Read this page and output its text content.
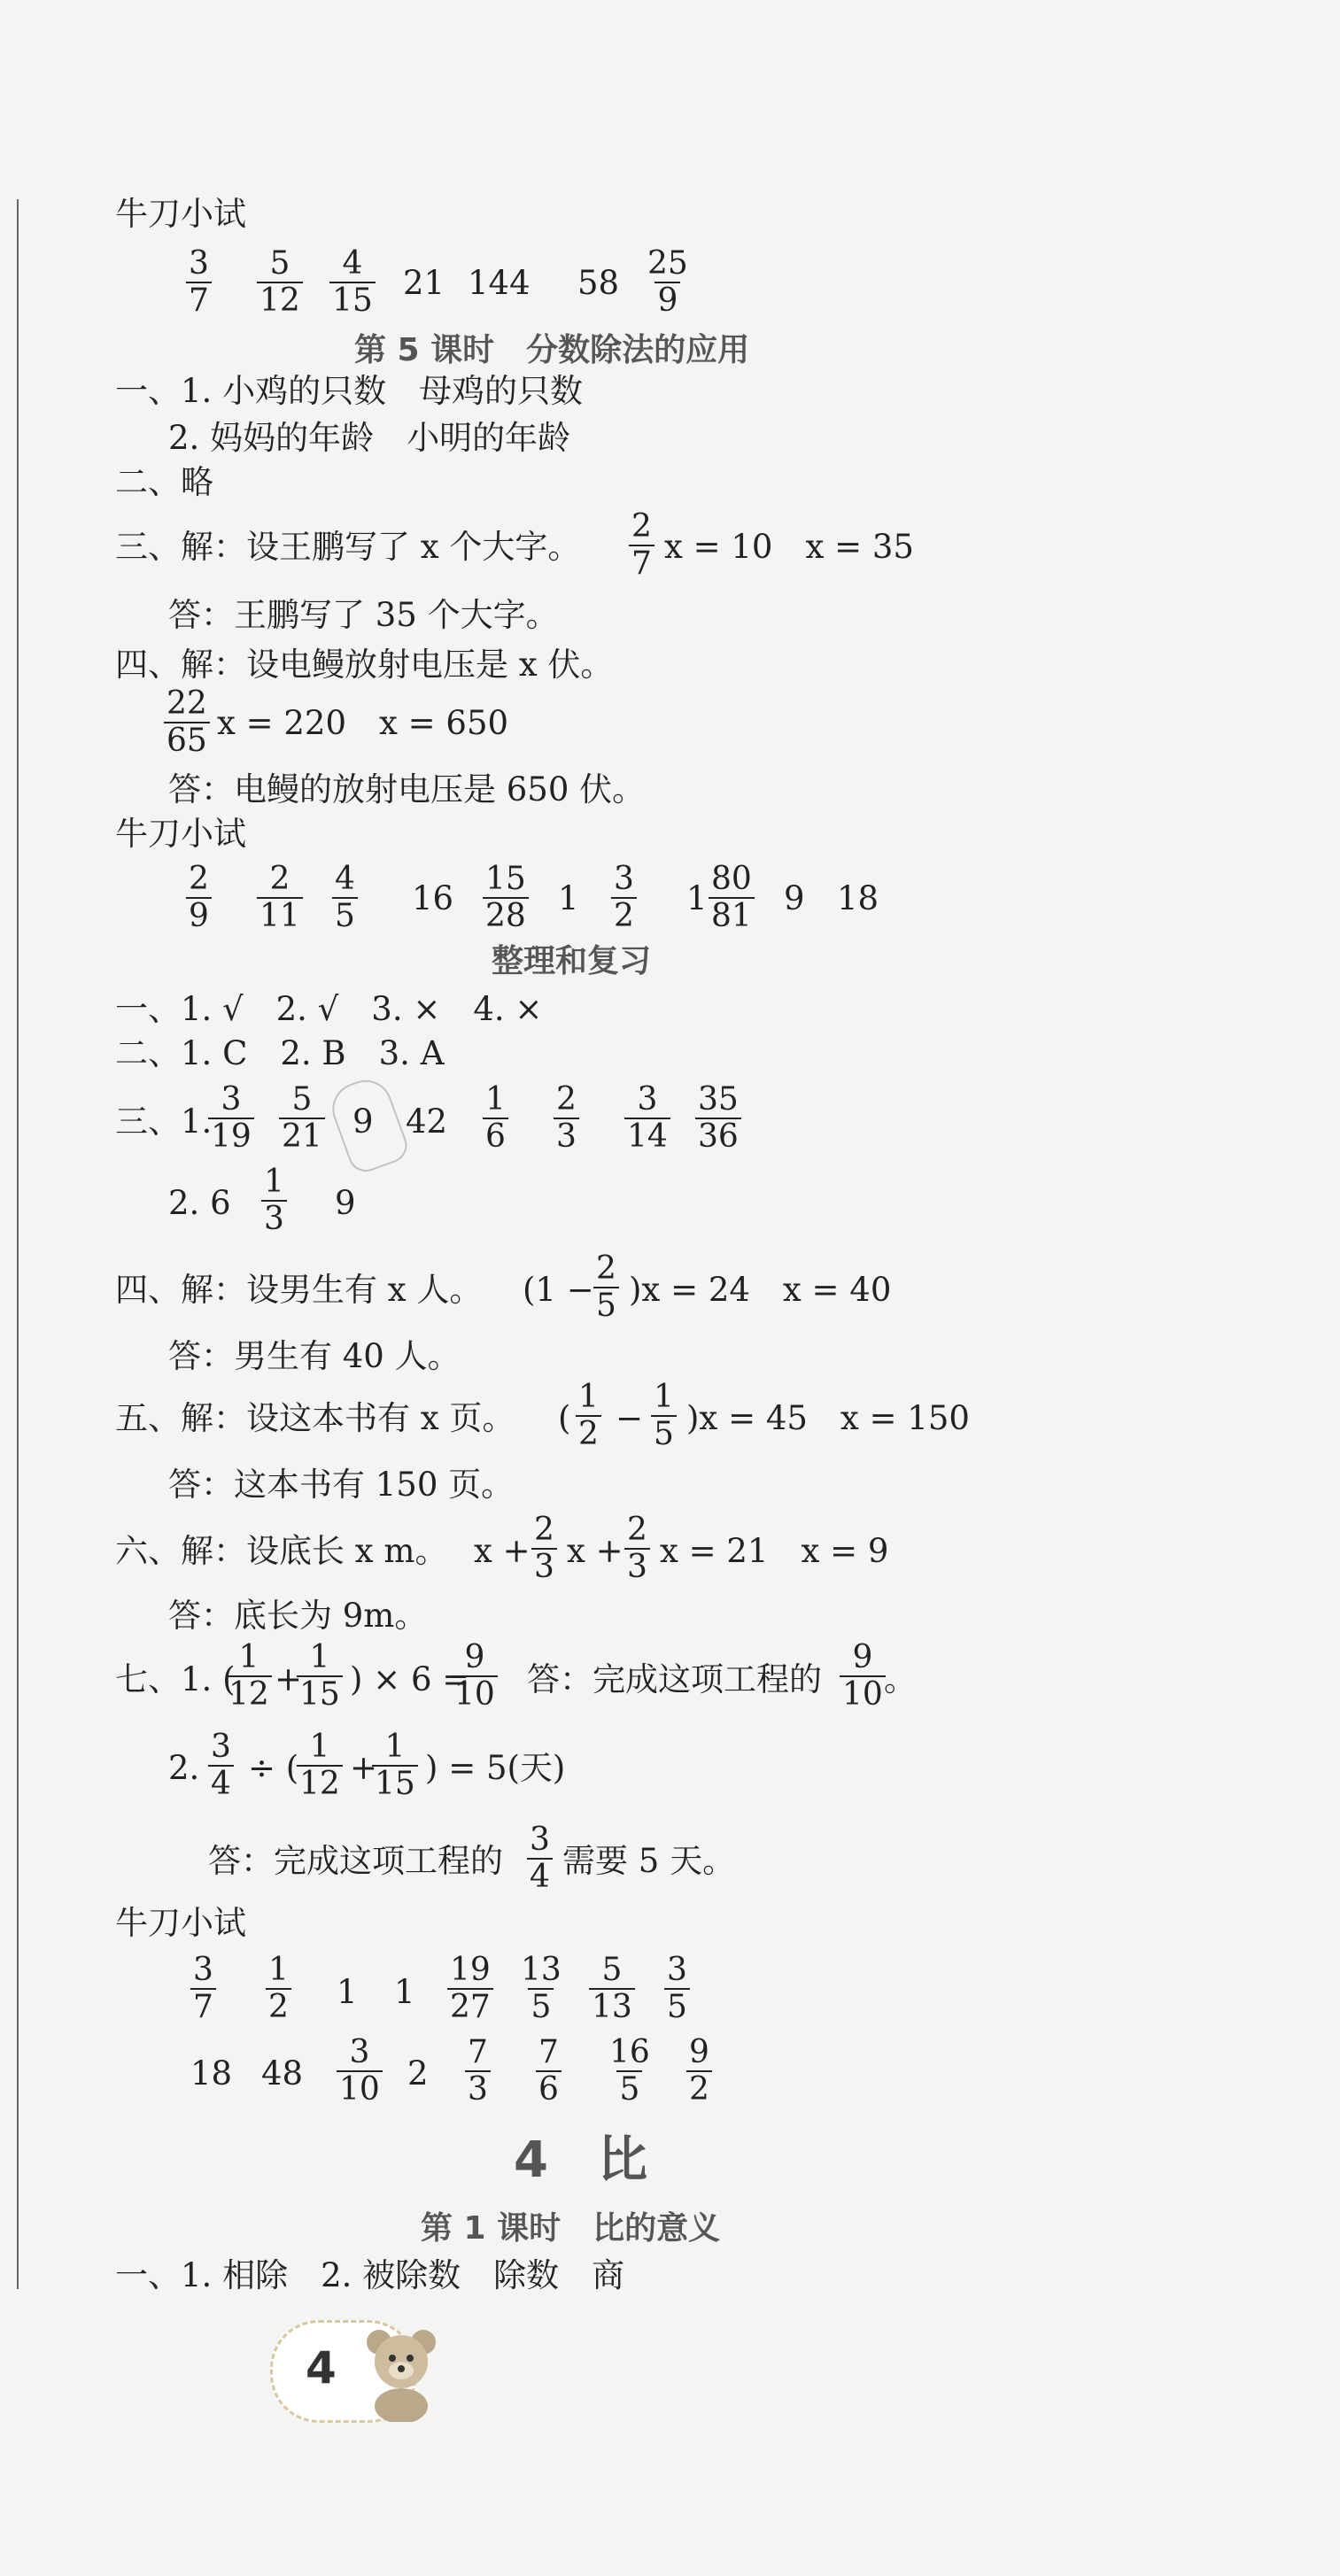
牛刀小试
$\frac{3}{7} \frac{5}{12} \frac{4}{15} 21$ 144 $58 \frac{25}{9}$
第 5 课时　分数除法的应用
一、1. 小鸡的只数　母鸡的只数
2. 妈妈的年龄　小明的年龄
二、略
三、解：设王鹏写了 x 个大字。 $\frac{2}{7}$ x = 10　x = 35
答：王鹏写了 35 个大字。
四、解：设电鳗放射电压是 x 伏。
$\frac{22}{65}$ x = 220　x = 650
答：电鳗的放射电压是 650 伏。
牛刀小试
$\frac{2}{9} \frac{2}{11} \frac{4}{5} 16 \frac{15}{28} 1 \frac{3}{2} 1 \frac{80}{81} 9$ 18
整理和复习
一、1. √　2. √　3. ×　4. ×
二、1. C　2. B　3. A
三、1.
$\frac{3}{19} \frac{5}{21} 9$ $42 \frac{1}{6} \frac{2}{3} \frac{3}{14} \frac{35}{36}$
2. $6 \frac{1}{3} 9$
四、解：设男生有 x 人。 $(1 - \frac{2}{5} )x = 24$　x = 40
答：男生有 40 人。
五、解：设这本书有 x 页。 ( $\frac{1}{2} - \frac{1}{5} )x = 45$　x = 150
答：这本书有 150 页。
六、解：设底长 x m。 $x + \frac{2}{3}$ $x + \frac{2}{3}$ x = 21　x = 9
答：底长为 9m。
七、1. (
$\frac{1}{12}$ +
$\frac{1}{15}$ ) × 6 =
$\frac{9}{10}$ 答：完成这项工程的 $\frac{9}{10}$
。
2. $\frac{3}{4}$ ÷ (
$\frac{1}{12}$ +
$\frac{1}{15}$ ) = 5(天)
答：完成这项工程的 $\frac{3}{4}$ 需要 5 天。
牛刀小试
$\frac{3}{7} \frac{1}{2} 1$ $1 \frac{19}{27} \frac{13}{5} \frac{5}{13} \frac{3}{5}$
18 $48 \frac{3}{10} 2 \frac{7}{3} \frac{7}{6} \frac{16}{5} \frac{9}{2}$
4　比
第 1 课时　比的意义
一、1. 相除　2. 被除数　除数　商
4
